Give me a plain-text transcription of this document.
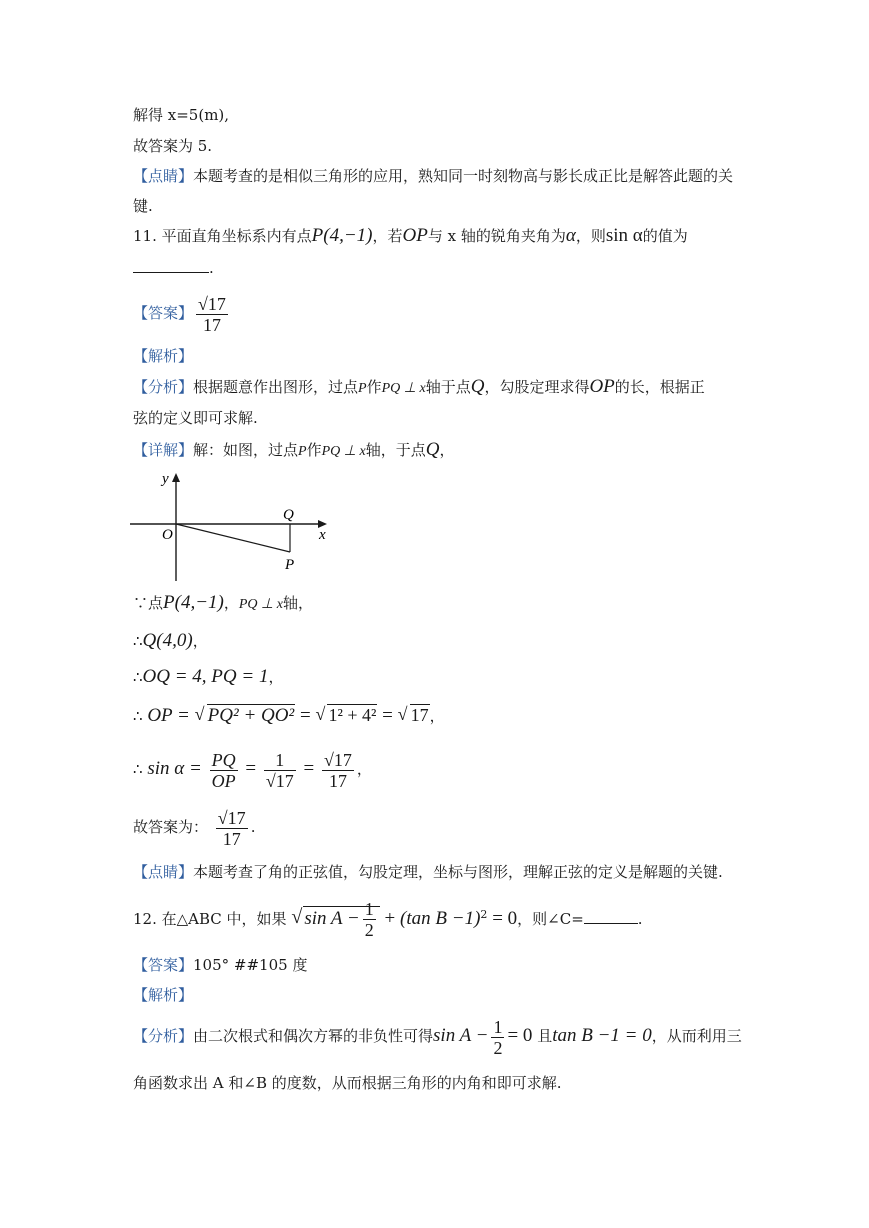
解得 x=5(m),
故答案为 5.
【点睛】本题考查的是相似三角形的应用，熟知同一时刻物高与影长成正比是解答此题的关
键.
11. 平面直角坐标系内有点P(4,−1)，若OP与 x 轴的锐角夹角为α，则sin α的值为
.
【答案】 $\frac{√17}{17}$
【解析】
【分析】根据题意作出图形，过点P作PQ ⊥ x轴于点Q，勾股定理求得OP的长，根据正
弦的定义即可求解.
【详解】解：如图，过点P作PQ ⊥ x轴，于点Q，
y
x
O
Q
P
∵点P(4,−1)，PQ ⊥ x轴，
∴Q(4,0)，
∴OQ = 4, PQ = 1，
∴ OP = √ PQ² + QO² = √ 1² + 4² = √ 17，
∴ $\sin \alpha = \frac{PQ}{OP} = \frac{1}{√17} = \frac{√17}{17}$ ，
故答案为： $\frac{√17}{17}$ .
【点睛】本题考查了角的正弦值，勾股定理，坐标与图形，理解正弦的定义是解题的关键.
12. 在△ABC 中，如果 √ $\sin A - \frac{1}{2} + (\tan$ B −1)$^2$ = 0，则∠C=	.
【答案】105° ##105 度
【解析】
【分析】由二次根式和偶次方幂的非负性可得$\sin A - \frac{1}{2} = 0$ 且tan B −1 = 0，从而利用三
角函数求出 A 和∠B 的度数，从而根据三角形的内角和即可求解.
